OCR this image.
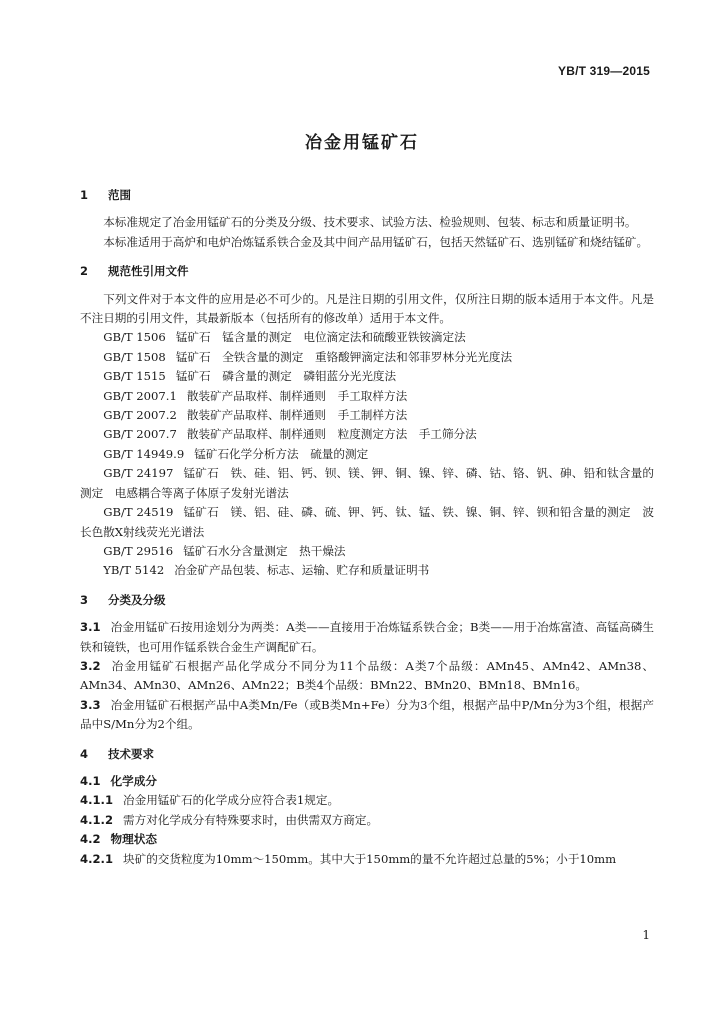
YB/T 319—2015
冶金用锰矿石
1 范围

本标准规定了冶金用锰矿石的分类及分级、技术要求、试验方法、检验规则、包装、标志和质量证明书。

本标准适用于高炉和电炉冶炼锰系铁合金及其中间产品用锰矿石，包括天然锰矿石、选别锰矿和烧结锰矿。

2 规范性引用文件

下列文件对于本文件的应用是必不可少的。凡是注日期的引用文件，仅所注日期的版本适用于本文件。凡是不注日期的引用文件，其最新版本（包括所有的修改单）适用于本文件。

GB/T 1506 锰矿石　锰含量的测定　电位滴定法和硫酸亚铁铵滴定法

GB/T 1508 锰矿石　全铁含量的测定　重铬酸钾滴定法和邻菲罗林分光光度法

GB/T 1515 锰矿石　磷含量的测定　磷钼蓝分光光度法

GB/T 2007.1 散装矿产品取样、制样通则　手工取样方法

GB/T 2007.2 散装矿产品取样、制样通则　手工制样方法

GB/T 2007.7 散装矿产品取样、制样通则　粒度测定方法　手工筛分法

GB/T 14949.9 锰矿石化学分析方法　硫量的测定

GB/T 24197 锰矿石　铁、硅、铝、钙、钡、镁、钾、铜、镍、锌、磷、钴、铬、钒、砷、铅和钛含量的测定　电感耦合等离子体原子发射光谱法

GB/T 24519 锰矿石　镁、铝、硅、磷、硫、钾、钙、钛、锰、铁、镍、铜、锌、钡和铅含量的测定　波长色散X射线荧光光谱法

GB/T 29516 锰矿石水分含量测定　热干燥法

YB/T 5142 冶金矿产品包装、标志、运输、贮存和质量证明书

3 分类及分级

3.1 冶金用锰矿石按用途划分为两类：A类——直接用于冶炼锰系铁合金；B类——用于冶炼富渣、高锰高磷生铁和镜铁，也可用作锰系铁合金生产调配矿石。

3.2 冶金用锰矿石根据产品化学成分不同分为11个品级：A类7个品级：AMn45、AMn42、AMn38、AMn34、AMn30、AMn26、AMn22；B类4个品级：BMn22、BMn20、BMn18、BMn16。

3.3 冶金用锰矿石根据产品中A类Mn/Fe（或B类Mn+Fe）分为3个组，根据产品中P/Mn分为3个组，根据产品中S/Mn分为2个组。

4 技术要求

4.1 化学成分

4.1.1 冶金用锰矿石的化学成分应符合表1规定。

4.1.2 需方对化学成分有特殊要求时，由供需双方商定。

4.2 物理状态

4.2.1 块矿的交货粒度为10mm～150mm。其中大于150mm的量不允许超过总量的5%；小于10mm

1
